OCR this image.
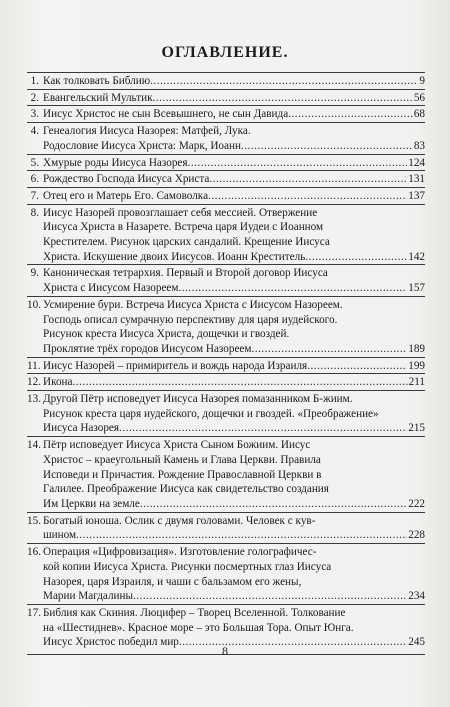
ОГЛАВЛЕНИЕ.
1. Как толковать Библию .....	9
2. Евангельский Мультик .....	56
3. Иисус Христос не сын Всевышнего, не сын Давида .....	68
4. Генеалогия Иисуса Назорея: Матфей, Лука.
Родословие Иисуса Христа: Марк, Иоанн .....	83
5. Хмурые роды Иисуса Назорея .....	124
6. Рождество Господа Иисуса Христа .....	131
7. Отец его и Матерь Его. Самоволка .....	137
8. Иисус Назорей провозглашает себя мессией. Отвержение
Иисуса Христа в Назарете. Встреча царя Иудеи с Иоанном
Крестителем. Рисунок царских сандалий. Крещение Иисуса
Христа. Искушение двоих Иисусов. Иоанн Креститель .....	142
9. Каноническая тетрархия. Первый и Второй договор Иисуса
Христа с Иисусом Назореем .....	157
10. Усмирение бури. Встреча Иисуса Христа с Иисусом Назореем.
Господь описал сумрачную перспективу для царя иудейского.
Рисунок креста Иисуса Христа, дощечки и гвоздей.
Проклятие трёх городов Иисусом Назореем .....	189
11. Иисус Назорей – примиритель и вождь народа Израиля .....	199
12. Икона .....	211
13. Другой Пётр исповедует Иисуса Назорея помазанником Б-жиим.
Рисунок креста царя иудейского, дощечки и гвоздей. «Преображение»
Иисуса Назорея .....	215
14. Пётр исповедует Иисуса Христа Сыном Божиим. Иисус
Христос – краеугольный Камень и Глава Церкви. Правила
Исповеди и Причастия. Рождение Православной Церкви в
Галилее. Преображение Иисуса как свидетельство создания
Им Церкви на земле .....	222
15. Богатый юноша. Ослик с двумя головами. Человек с кув-
шином .....	228
16. Операция «Цифровизация». Изготовление голографичес-
кой копии Иисуса Христа. Рисунки посмертных глаз Иисуса
Назорея, царя Израиля, и чаши с бальзамом его жены,
Марии Магдалины .....	234
17. Библия как Скиния. Люцифер – Творец Вселенной. Толкование
на «Шестиднев». Красное море – это Большая Тора. Опыт Юнга.
Иисус Христос победил мир .....	245
8
